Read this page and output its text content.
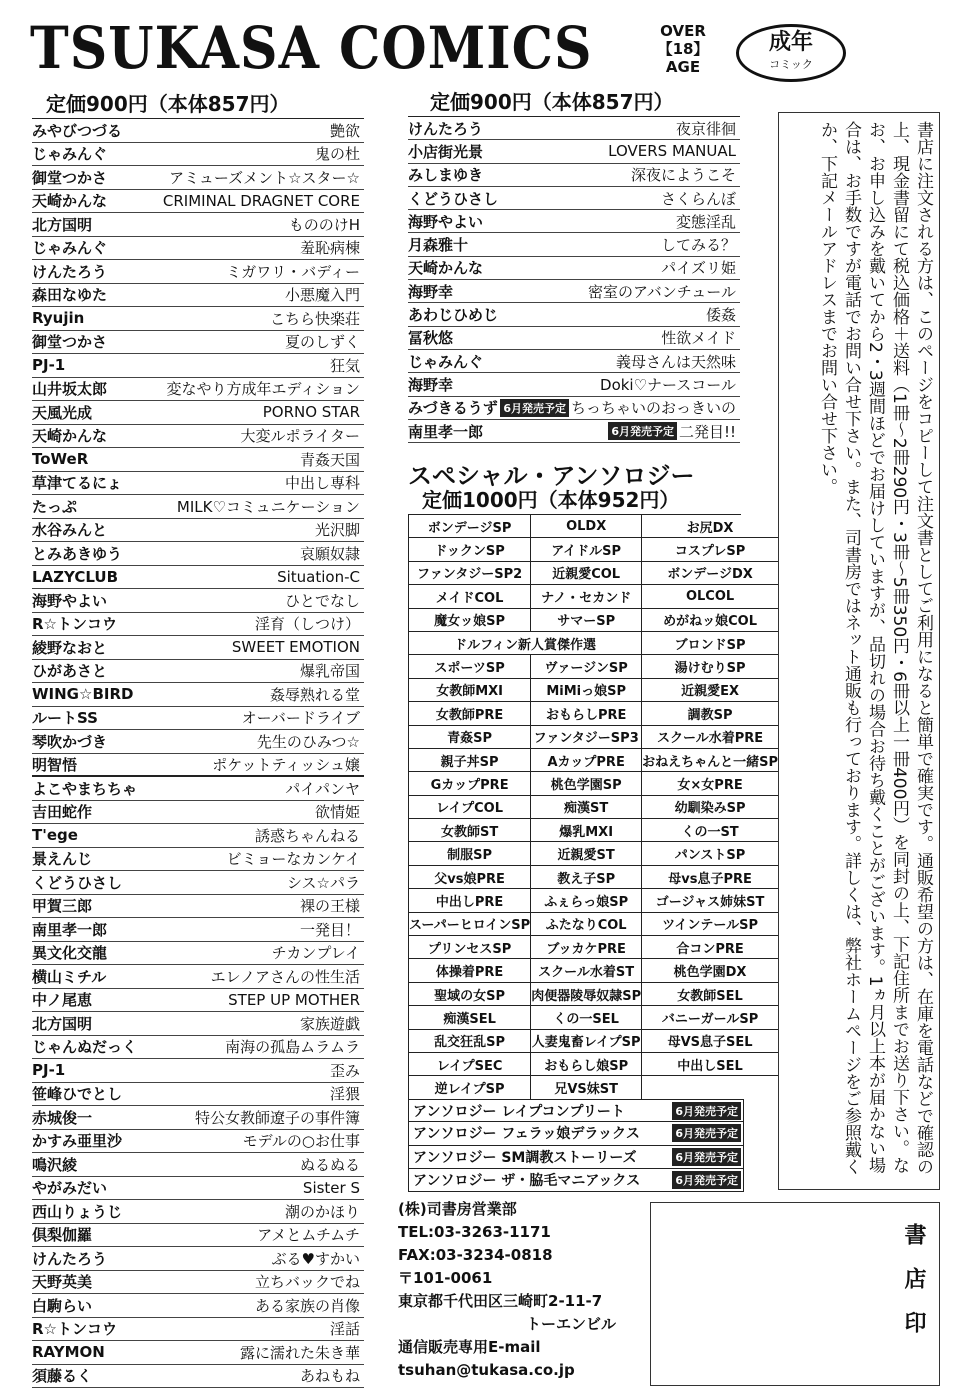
TSUKASA COMICS	OVER
【18】
AGE
成年
コミック
定価900円（本体857円）	定価900円（本体857円）
みやびつづる	艶欲
じゃみんぐ	鬼の杜
御堂つかさ	アミューズメント☆スター☆
天崎かんな	CRIMINAL DRAGNET CORE
北方国明	もののけH
じゃみんぐ	羞恥病棟
けんたろう	ミガワリ・バディー
森田なゆた	小悪魔入門
Ryujin	こちら快楽荘
御堂つかさ	夏のしずく
PJ-1	狂気
山井坂太郎	変なやり方成年エディション
天風光成	PORNO STAR
天崎かんな	大変ルポライター
ToWeR	青姦天国
草津てるにょ	中出し専科
たっぷ	MILK♡コミュニケーション
水谷みんと	光沢脚
とみあきゆう	哀願奴隷
LAZYCLUB	Situation-C
海野やよい	ひとでなし
R☆トンコウ	淫育（しつけ）
綾野なおと	SWEET EMOTION
ひがあさと	爆乳帝国
WING☆BIRD	姦辱熟れる堂
ルートSS	オーバードライブ
琴吹かづき	先生のひみつ☆
明智悟	ポケットティッシュ嬢
よこやまちちゃ	パイパンヤ
吉田蛇作	欲情姫
T'ege	誘惑ちゃんねる
景えんじ	ビミョーなカンケイ
くどうひさし	シス☆パラ
甲賀三郎	裸の王様
南里孝一郎	一発目！
異文化交龍	チカンプレイ
横山ミチル	エレノアさんの性生活
中ノ尾恵	STEP UP MOTHER
北方国明	家族遊戯
じゃんぬだっく	南海の孤島ムラムラ
PJ-1	歪み
笹峰ひでとし	淫猥
赤城俊一	特公女教師遼子の事件簿
かすみ亜里沙	モデルの○お仕事
鳴沢綾	ぬるぬる
やがみだい	Sister S
西山りょうじ	潮のかほり
倶梨伽羅	アメとムチムチ
けんたろう	ぶる♥すかい
天野英美	立ちバックでね
白駒らい	ある家族の肖像
R☆トンコウ	淫話
RAYMON	露に濡れた朱き華
須藤るく	あねもね
けんたろう	夜京徘徊
小店街光景	LOVERS MANUAL
みしまゆき	深夜にようこそ
くどうひさし	さくらんぼ
海野やよい	変態淫乱
月森雅十	してみる？
天崎かんな	パイズリ姫
海野幸	密室のアバンチュール
あわじひめじ	倭姦
冨秋悠	性欲メイド
じゃみんぐ	義母さんは天然味
海野幸	Doki♡ナースコール
みづきるうず 6月発売予定 ちっちゃいのおっきいの
南里孝一郎	6月発売予定 二発目!!
スペシャル・アンソロジー
定価1000円（本体952円）
ボンデージSP	OLDX	お尻DX
ドックンSP	アイドルSP	コスプレSP
ファンタジーSP2	近親愛COL	ボンデージDX
メイドCOL	ナノ・セカンド	OLCOL
魔女ッ娘SP	サマーSP	めがねッ娘COL
ドルフィン新人賞傑作選	ブロンドSP
スポーツSP	ヴァージンSP	湯けむりSP
女教師MXI	MiMiっ娘SP	近親愛EX
女教師PRE	おもらしPRE	調教SP
青姦SP	ファンタジーSP3	スクール水着PRE
親子丼SP	AカップPRE	おねえちゃんと一緒SP
GカップPRE	桃色学園SP	女×女PRE
レイプCOL	痴漢ST	幼馴染みSP
女教師ST	爆乳MXI	くの一ST
制服SP	近親愛ST	パンストSP
父vs娘PRE	教え子SP	母vs息子PRE
中出しPRE	ふぇらっ娘SP	ゴージャス姉妹ST
スーパーヒロインSP	ふたなりCOL	ツインテールSP
プリンセスSP	ブッカケPRE	合コンPRE
体操着PRE	スクール水着ST	桃色学園DX
聖域の女SP	肉便器陵辱奴隷SP	女教師SEL
痴漢SEL	くの一SEL	バニーガールSP
乱交狂乱SP	人妻鬼畜レイプSP	母VS息子SEL
レイプSEC	おもらし娘SP	中出しSEL
逆レイプSP	兄VS妹ST
アンソロジー レイプコンプリート	6月発売予定
アンソロジー フェラッ娘デラックス	6月発売予定
アンソロジー SM調教ストーリーズ	6月発売予定
アンソロジー ザ・脇毛マニアックス	6月発売予定
(株)司書房営業部
TEL:03-3263-1171
FAX:03-3234-0818
〒101-0061
東京都千代田区三崎町2-11-7
トーエンビル
通信販売専用E-mail
tsuhan@tukasa.co.jp
書店に注文される方は、このページをコピーして注文書としてご利用になると簡単で確実です。通販希望の方は、在庫を電話などで確認の上、現金書留にて税込価格＋送料（1冊〜2冊290円・3冊〜5冊350円・6冊以上一冊400円）を同封の上、下記住所までお送り下さい。なお、お申し込みを戴いてから2・3週間ほどでお届けしていますが、品切れの場合お待ち戴くことがございます。1ヵ月以上本が届かない場合は、お手数ですが電話でお問い合せ下さい。また、司書房ではネット通販も行っております。詳しくは、弊社ホームページをご参照戴くか、下記メールアドレスまでお問い合せ下さい。
書店印
